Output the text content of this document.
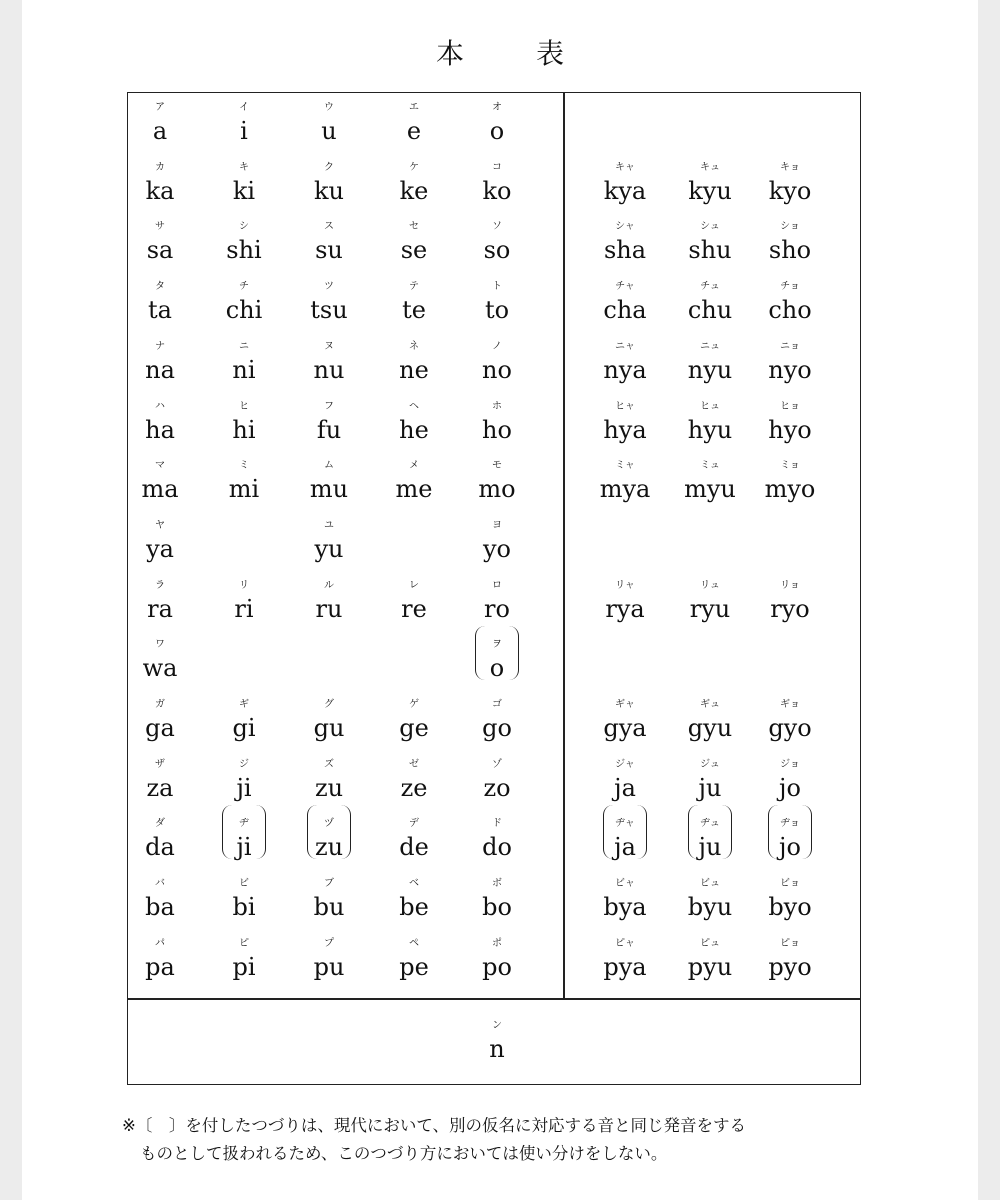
本	表
ア
a
イ
i
ウ
u
エ
e
オ
o
カ
ka
キ
ki
ク
ku
ケ
ke
コ
ko
サ
sa
シ
shi
ス
su
セ
se
ソ
so
タ
ta
チ
chi
ツ
tsu
テ
te
ト
to
ナ
na
ニ
ni
ヌ
nu
ネ
ne
ノ
no
ハ
ha
ヒ
hi
フ
fu
ヘ
he
ホ
ho
マ
ma
ミ
mi
ム
mu
メ
me
モ
mo
ヤ
ya
ユ
yu
ヨ
yo
ラ
ra
リ
ri
ル
ru
レ
re
ロ
ro
ワ
wa
ヲ
o
ガ
ga
ギ
gi
グ
gu
ゲ
ge
ゴ
go
ザ
za
ジ
ji
ズ
zu
ゼ
ze
ゾ
zo
ダ
da
ヂ
ji
ヅ
zu
デ
de
ド
do
バ
ba
ビ
bi
ブ
bu
ベ
be
ボ
bo
パ
pa
ピ
pi
プ
pu
ペ
pe
ポ
po
キャ
kya
キュ
kyu
キョ
kyo
シャ
sha
シュ
shu
ショ
sho
チャ
cha
チュ
chu
チョ
cho
ニャ
nya
ニュ
nyu
ニョ
nyo
ヒャ
hya
ヒュ
hyu
ヒョ
hyo
ミャ
mya
ミュ
myu
ミョ
myo
リャ
rya
リュ
ryu
リョ
ryo
ギャ
gya
ギュ
gyu
ギョ
gyo
ジャ
ja
ジュ
ju
ジョ
jo
ヂャ
ja
ヂュ
ju
ヂョ
jo
ビャ
bya
ビュ
byu
ビョ
byo
ピャ
pya
ピュ
pyu
ピョ
pyo
ン
n
※〔　〕を付したつづりは、現代において、別の仮名に対応する音と同じ発音をする
ものとして扱われるため、このつづり方においては使い分けをしない。
